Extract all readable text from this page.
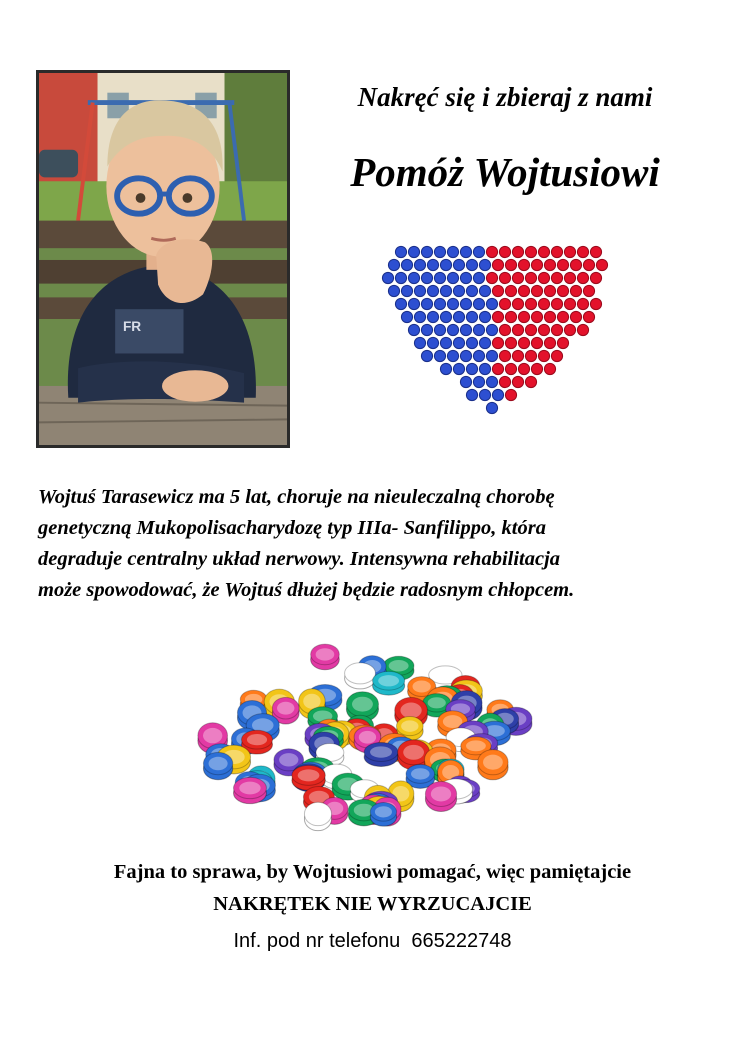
FR
Nakręć się i zbieraj z nami
Pomóż Wojtusiowi
Wojtuś Tarasewicz ma 5 lat, choruje na nieuleczalną chorobę
genetyczną Mukopolisacharydozę typ IIIa- Sanfilippo, która
degraduje centralny układ nerwowy. Intensywna rehabilitacja
może spowodować, że Wojtuś dłużej będzie radosnym chłopcem.
Fajna to sprawa, by Wojtusiowi pomagać, więc pamiętajcie
NAKRĘTEK NIE WYRZUCAJCIE
Inf. pod nr telefonu 665222748
